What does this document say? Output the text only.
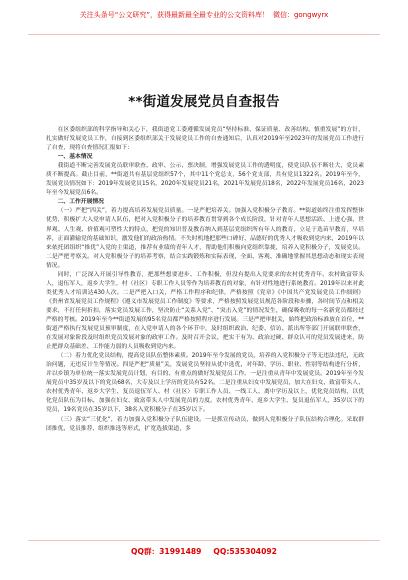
关注头条号“公文研究”，获得最新最全最专业的公文资料库！ 微信：gongwyrx
**街道发展党员自查报告

在区委组织部的科学指导和关心下，我街道党工委遵循发展党员“坚持标准、保证质量、改善结构、慎重发展”的方针，扎实做好发展党员工作，自接到区委组织部关于发展党员工作的自查通知后，认真对2019年至2023年的发展党员工作进行了自查，现将自查情况汇报如下：

一、基本情况

我街道不断完善发展党员联审联查、政审、公示、票决制，增强发展党员工作的透明度，使党员队伍不断壮大，党员素质不断提高。截止目前，**街道共有基层党组织57个，其中11个党总支，56个党支部，共有党员1322名。2019年至今，发展党员情况如下：2019年发展党员15名，2020年发展党员21名，2021年发展党员18名，2022年发展党员16名，2023年至今发展党员6名。

二、工作开展情况

（一）严把“四关”，着力提高培养发展党员质量。一是严把培养关。加强入党积极分子教育。**街道始终注重发挥整体优势，积极扩大入党申请人队伍，把对入党积极分子的培养教育贯穿到各个成长阶段，针对青年人思想活跃、上进心强、世界观、人生观、价值观可塑性大的特点，把党的知识普及教育纳入到基层党组织所有年人的教育，立足于选苗早教育，早培养，正面灌输党的基础知识，激发他们的政治热情。不失时机地把那些口碑好、品德好的优秀人才吸收到党内来，2019年以来依托团组织“推优”入党的主渠道，推荐有业绩的青年人才，帮助他们积极向党组织靠拢，培养入党积极分子，发展党员。二是严把考察关。对入党积极分子的培养考察，结合实践锻炼和实际表现，全面、客观、准确地掌握其思想动态和现实表现情况。

同时，广泛深入开展引导性教育，把那些想要进步、工作积极，但没有提出入党要求的农村优秀青年、农村致富带头人，退伍军人，返乡大学生，村（社区）专职工作人员等作为培养教育的对象，有针对性地进行系统教育。2019年以来对此类优秀人才培训达430人次。二是严把入口关，严格工作程序和纪律，严格按照《党章》《中国共产党发展党员工作细则》《贵州省发展党员工作规程》《遵义市发展党员工作制度》等要求，严格按照发展党员规范各阶段和步骤，各时间节点和相关要求，不打任何折扣，落实党员发展工作，坚决防止“关系入党”、“突击入党”的情况发生，确保吸收的每一名新党员都经过严格的考核。2019年至今**街道发展的95名党员都严格按照程序进行发展。三是严把审批关，始终把政治标准放在首位，**街道严格执行发展党员预审制度，在入党申请人的各个环节中，及时组织政治、纪委、信访、派出所等部门开展联审联查，在发展对象阶段及时组织党员发展对象的政审工作。及时召开会议，把实干有为、政治过硬、群众认可的党员发展进来，防止把群众基础差、工作能力弱的人员吸收到党内来。

（二）着力优化党员结构，提高党员队伍整体素质。2019年至今发展的党员，培养的入党积极分子等无违法违纪，无政治问题，无违反计生等情况。四是严把“质量”关，发展党员坚持从优中选优，对年龄、学历、职业、性别等结构进行分析，并以乡镇为单位统一落实发展党员计划，有目的、有重点的做好发展党员工作。一是注重从青年中发展党员。2019年至今发展党员中35岁及以下的党员68名，大专及以上学历的党员有52名。二是注重从妇女中发展党员，加大在妇女、致富带头人、农村优秀青年、返乡大学生、复员退伍军人、村（社区）专职工作人员、一线工人、离中学历及以上，优化党员结构，以优化党员队伍为目标，加强在妇女、致富带头人中发展党员的力度。农村优秀青年、返乡大学生、复员退伍军人，35岁以下的党员，19名党员在35岁以下，38名入党积极分子在35岁以下。

（三）落实“三优化”，着力加强入党积极分子队伍建设。一是抓宣传动员，做到入党积极分子队伍结构合理化。采取群团推优、党员推荐、组织推选等形式，扩宽选拔渠道，多

QQ群：31991489 QQ:535304092
